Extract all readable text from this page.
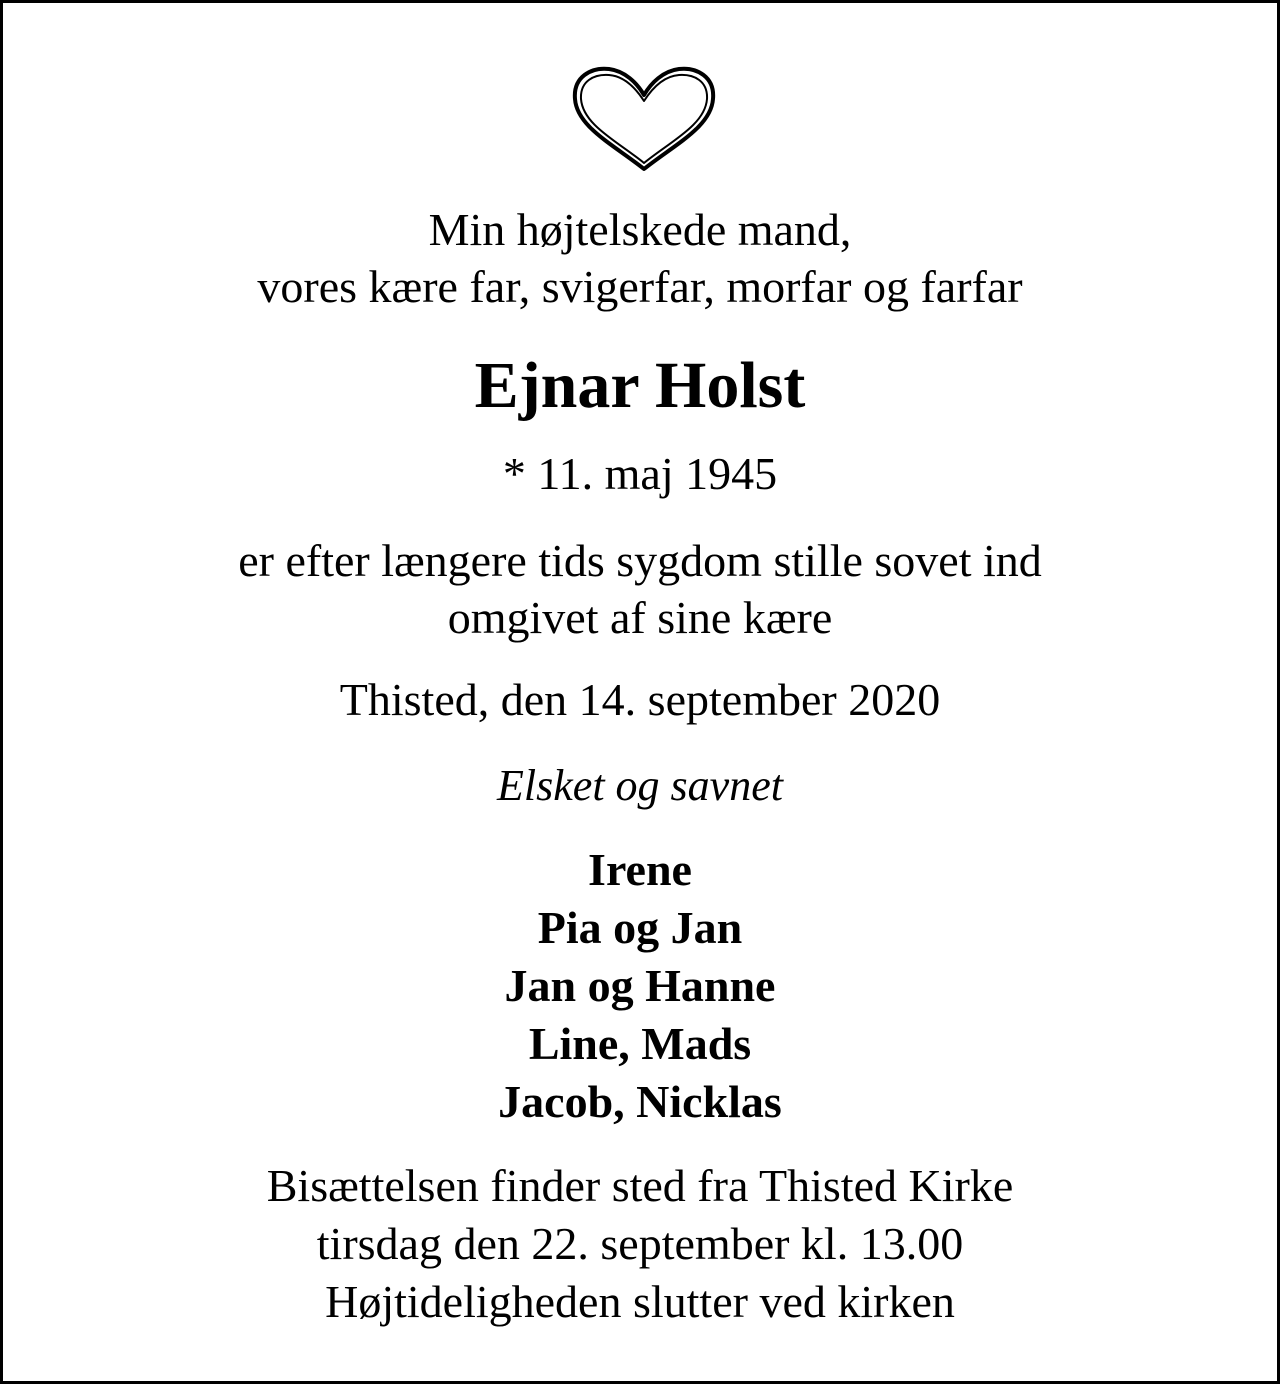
Min højtelskede mand,
vores kære far, svigerfar, morfar og farfar
Ejnar Holst
* 11. maj 1945
er efter længere tids sygdom stille sovet ind
omgivet af sine kære
Thisted, den 14. september 2020
Elsket og savnet
Irene
Pia og Jan
Jan og Hanne
Line, Mads
Jacob, Nicklas
Bisættelsen finder sted fra Thisted Kirke
tirsdag den 22. september kl. 13.00
Højtideligheden slutter ved kirken
